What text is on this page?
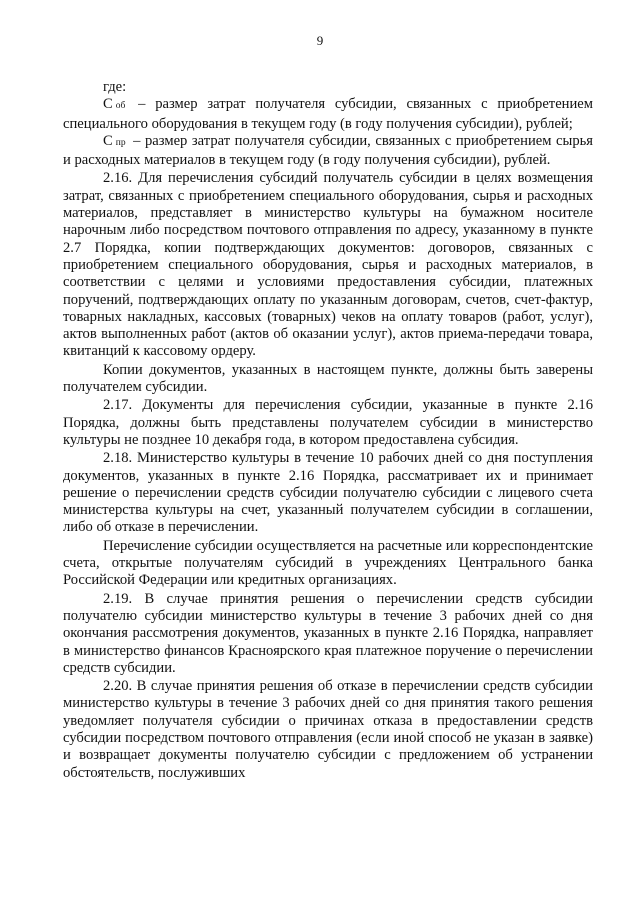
9

где:

Соб – размер затрат получателя субсидии, связанных с приобретением специального оборудования в текущем году (в году получения субсидии), рублей;

Спр – размер затрат получателя субсидии, связанных с приобретением сырья и расходных материалов в текущем году (в году получения субсидии), рублей.

2.16. Для перечисления субсидий получатель субсидии в целях возмещения затрат, связанных с приобретением специального оборудования, сырья и расходных материалов, представляет в министерство культуры на бумажном носителе нарочным либо посредством почтового отправления по адресу, указанному в пункте 2.7 Порядка, копии подтверждающих документов: договоров, связанных с приобретением специального оборудования, сырья и расходных материалов, в соответствии с целями и условиями предоставления субсидии, платежных поручений, подтверждающих оплату по указанным договорам, счетов, счет-фактур, товарных накладных, кассовых (товарных) чеков на оплату товаров (работ, услуг), актов выполненных работ (актов об оказании услуг), актов приема-передачи товара, квитанций к кассовому ордеру.

Копии документов, указанных в настоящем пункте, должны быть заверены получателем субсидии.

2.17. Документы для перечисления субсидии, указанные в пункте 2.16 Порядка, должны быть представлены получателем субсидии в министерство культуры не позднее 10 декабря года, в котором предоставлена субсидия.

2.18. Министерство культуры в течение 10 рабочих дней со дня поступления документов, указанных в пункте 2.16 Порядка, рассматривает их и принимает решение о перечислении средств субсидии получателю субсидии с лицевого счета министерства культуры на счет, указанный получателем субсидии в соглашении, либо об отказе в перечислении.

Перечисление субсидии осуществляется на расчетные или корреспондентские счета, открытые получателям субсидий в учреждениях Центрального банка Российской Федерации или кредитных организациях.

2.19. В случае принятия решения о перечислении средств субсидии получателю субсидии министерство культуры в течение 3 рабочих дней со дня окончания рассмотрения документов, указанных в пункте 2.16 Порядка, направляет в министерство финансов Красноярского края платежное поручение о перечислении средств субсидии.

2.20. В случае принятия решения об отказе в перечислении средств субсидии министерство культуры в течение 3 рабочих дней со дня принятия такого решения уведомляет получателя субсидии о причинах отказа в предоставлении средств субсидии посредством почтового отправления (если иной способ не указан в заявке) и возвращает документы получателю субсидии с предложением об устранении обстоятельств, послуживших
